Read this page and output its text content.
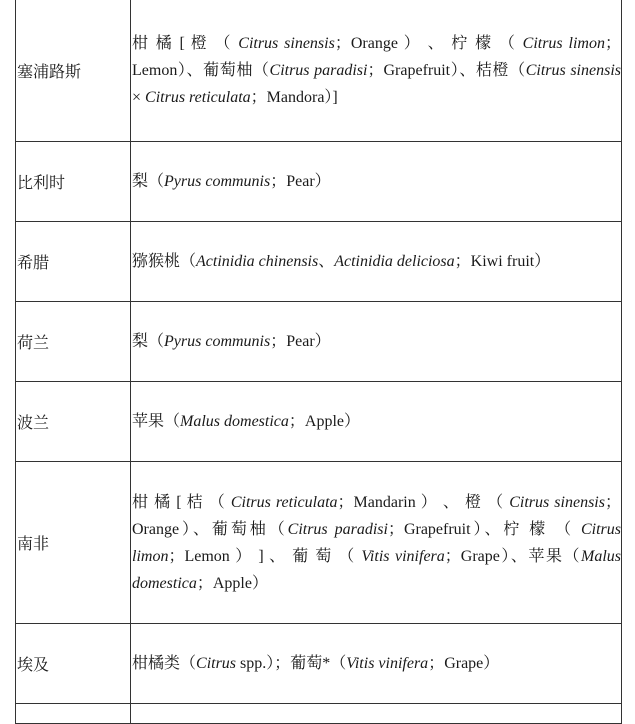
塞浦路斯	柑 橘 [ 橙 （ Citrus sinensis；Orange ） 、 柠 檬 （ Citrus limon；Lemon）、葡萄柚（Citrus paradisi；Grapefruit）、桔橙（Citrus sinensis × Citrus reticulata；Mandora）]
比利时	梨（Pyrus communis；Pear）
希腊	猕猴桃（Actinidia chinensis、Actinidia deliciosa；Kiwi fruit）
荷兰	梨（Pyrus communis；Pear）
波兰	苹果（Malus domestica；Apple）
南非	柑 橘 [ 桔 （ Citrus reticulata；Mandarin ） 、 橙 （ Citrus sinensis；Orange）、葡萄柚（Citrus paradisi；Grapefruit）、柠 檬 （ Citrus limon；Lemon ） ] 、 葡 萄 （ Vitis vinifera；Grape）、苹果（Malus domestica；Apple）
埃及	柑橘类（Citrus spp.）；葡萄*（Vitis vinifera；Grape）
